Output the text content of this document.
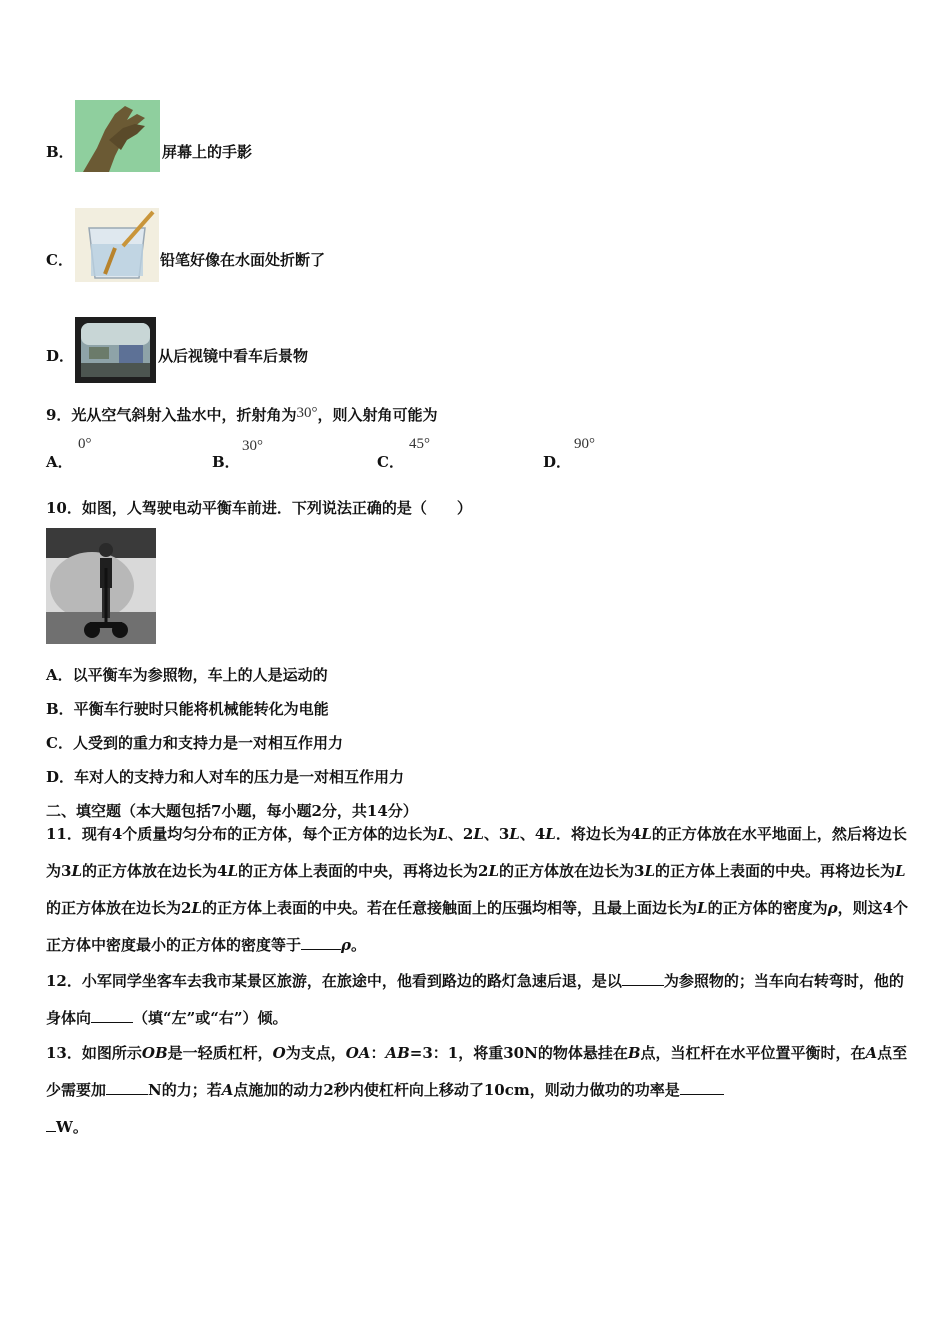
B．	屏幕上的手影
C．	铅笔好像在水面处折断了
D．	从后视镜中看车后景物
9．光从空气斜射入盐水中，折射角为30°，则入射角可能为
A．
0°
B．
30°
C．
45°
D．
90°
10．如图，人驾驶电动平衡车前进．下列说法正确的是（　　）
A．以平衡车为参照物，车上的人是运动的
B．平衡车行驶时只能将机械能转化为电能
C．人受到的重力和支持力是一对相互作用力
D．车对人的支持力和人对车的压力是一对相互作用力
二、填空题（本大题包括7小题，每小题2分，共14分）
11．现有4个质量均匀分布的正方体，每个正方体的边长为L、2L、3L、4L．将边长为4L的正方体放在水平地面上，然后将边长为3L的正方体放在边长为4L的正方体上表面的中央，再将边长为2L的正方体放在边长为3L的正方体上表面的中央。再将边长为L的正方体放在边长为2L的正方体上表面的中央。若在任意接触面上的压强均相等，且最上面边长为L的正方体的密度为ρ，则这4个正方体中密度最小的正方体的密度等于	ρ。
12．小军同学坐客车去我市某景区旅游，在旅途中，他看到路边的路灯急速后退，是以	为参照物的；当车向右转弯时，他的身体向	（填“左”或“右”）倾。
13．如图所示OB是一轻质杠杆，O为支点，OA：AB=3：1，将重30N的物体悬挂在B点，当杠杆在水平位置平衡时，在A点至少需要加	N的力；若A点施加的动力2秒内使杠杆向上移动了10cm，则动力做功的功率是
W。
